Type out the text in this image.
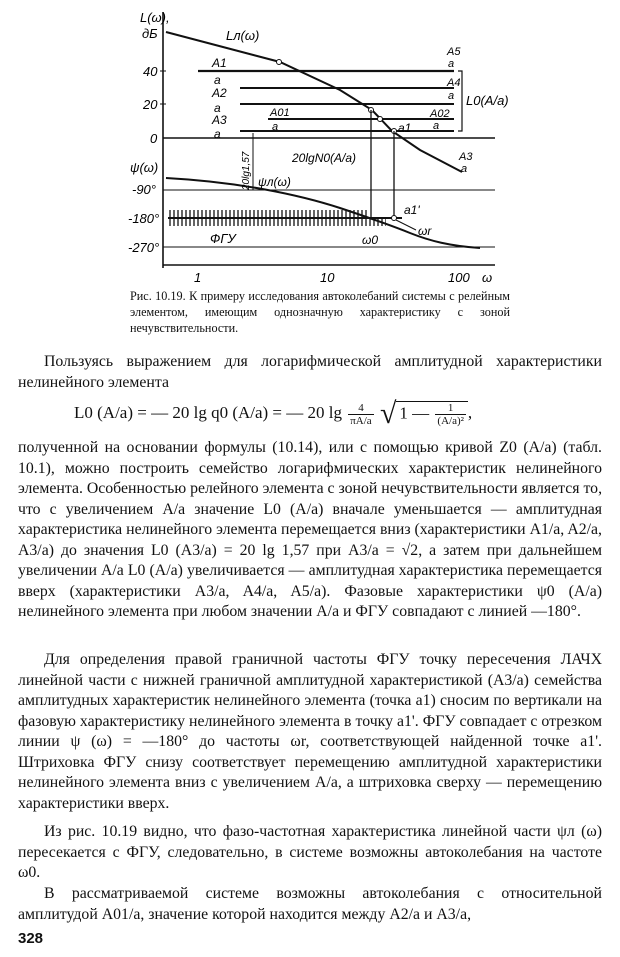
L(ω),
дБ
40
20
0
ψ(ω)
-90°
-180°
-270°
1	10	100 ω
Lл(ω)
ψл(ω)
A1
a
A2
a
A3
a
A01
a
A5
a
A4
a
A02
a
A3
a
L0(A/a)
a1
20lgN0(A/a)
20lg1,57
a1'
ФГУ	ω0
ωr
Рис. 10.19. К примеру исследования автоколебаний системы с релейным элементом, имеющим однозначную характеристику с зоной нечувствительности.
Пользуясь выражением для логарифмической амплитудной характеристики нелинейного элемента
L0 (A/a) = — 20 lg q0 (A/a) = — 20 $\lg \frac{4}{\pi A/a}$ √ 1 — $\frac{1}{\text{(A/a)²}}$ ,
полученной на основании формулы (10.14), или с помощью кривой Z0 (A/a) (табл. 10.1), можно построить семейство логарифмических характеристик нелинейного элемента. Особенностью релейного элемента с зоной нечувствительности является то, что с увеличением A/a значение L0 (A/a) вначале уменьшается — амплитудная характеристика нелинейного элемента перемещается вниз (характеристики A1/a, A2/a, A3/a) до значения L0 (A3/a) = 20 lg 1,57 при A3/a = √2, а затем при дальнейшем увеличении A/a L0 (A/a) увеличивается — амплитудная характеристика перемещается вверх (характеристики A3/a, A4/a, A5/a). Фазовые характеристики ψ0 (A/a) нелинейного элемента при любом значении A/a и ФГУ совпадают с линией —180°.
Для определения правой граничной частоты ФГУ точку пересечения ЛАЧХ линейной части с нижней граничной амплитудной характеристикой (A3/a) семейства амплитудных характеристик нелинейного элемента (точка a1) сносим по вертикали на фазовую характеристику нелинейного элемента в точку a1'. ФГУ совпадает с отрезком линии ψ (ω) = —180° до частоты ωr, соответствующей найденной точке a1'. Штриховка ФГУ снизу соответствует перемещению амплитудной характеристики нелинейного элемента вниз с увеличением A/a, а штриховка сверху — перемещению характеристики вверх.
Из рис. 10.19 видно, что фазо-частотная характеристика линейной части ψл (ω) пересекается с ФГУ, следовательно, в системе возможны автоколебания на частоте ω0.
В рассматриваемой системе возможны автоколебания с относительной амплитудой A01/a, значение которой находится между A2/a и A3/a,
328
